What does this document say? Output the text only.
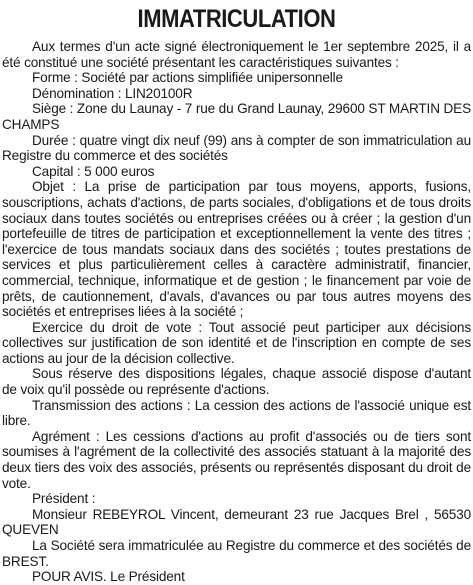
IMMATRICULATION

Aux termes d'un acte signé électroniquement le 1er septembre 2025, il a été constitué une société présentant les caractéristiques suivantes :

Forme : Société par actions simplifiée unipersonnelle

Dénomination : LIN20100R

Siège : Zone du Launay - 7 rue du Grand Launay, 29600 ST MARTIN DES CHAMPS

Durée : quatre vingt dix neuf (99) ans à compter de son immatriculation au Registre du commerce et des sociétés

Capital : 5 000 euros

Objet : La prise de participation par tous moyens, apports, fusions, souscriptions, achats d'actions, de parts sociales, d'obligations et de tous droits sociaux dans toutes sociétés ou entreprises créées ou à créer ; la gestion d'un portefeuille de titres de participation et exceptionnellement la vente des titres ; l'exercice de tous mandats sociaux dans des sociétés ; toutes prestations de services et plus particulièrement celles à caractère administratif, financier, commercial, technique, informatique et de gestion ; le financement par voie de prêts, de cautionnement, d'avals, d'avances ou par tous autres moyens des sociétés et entreprises liées à la société ;

Exercice du droit de vote : Tout associé peut participer aux décisions collectives sur justification de son identité et de l'inscription en compte de ses actions au jour de la décision collective.

Sous réserve des dispositions légales, chaque associé dispose d'autant de voix qu'il possède ou représente d'actions.

Transmission des actions : La cession des actions de l'associé unique est libre.

Agrément : Les cessions d'actions au profit d'associés ou de tiers sont soumises à l'agrément de la collectivité des associés statuant à la majorité des deux tiers des voix des associés, présents ou représentés disposant du droit de vote.

Président :

Monsieur REBEYROL Vincent, demeurant 23 rue Jacques Brel , 56530 QUEVEN

La Société sera immatriculée au Registre du commerce et des sociétés de BREST.

POUR AVIS. Le Président
